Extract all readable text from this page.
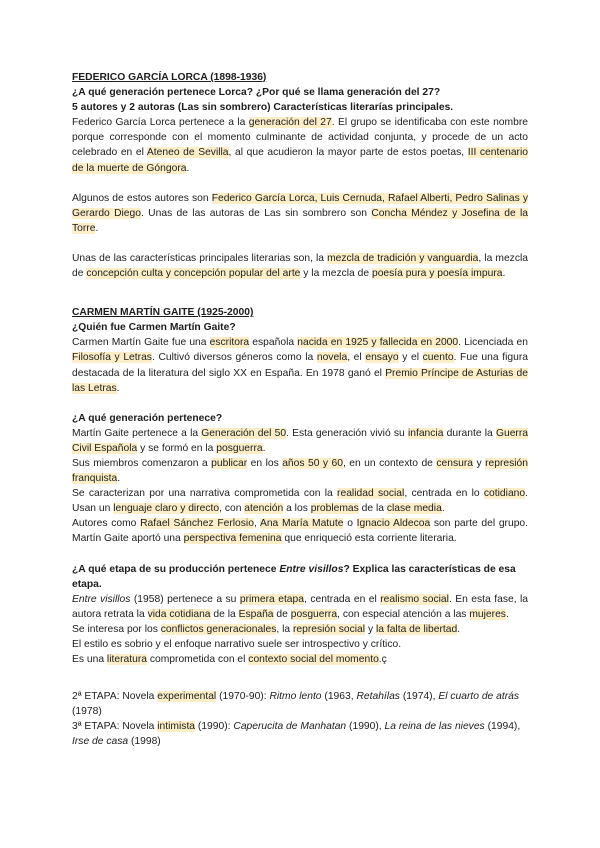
FEDERICO GARCÍA LORCA (1898-1936)

¿A qué generación pertenece Lorca? ¿Por qué se llama generación del 27?

5 autores y 2 autoras (Las sin sombrero) Características literarías principales.

Federico García Lorca pertenece a la generación del 27. El grupo se identificaba con este nombre porque corresponde con el momento culminante de actividad conjunta, y procede de un acto celebrado en el Ateneo de Sevilla, al que acudieron la mayor parte de estos poetas, III centenario de la muerte de Góngora.

Algunos de estos autores son Federico García Lorca, Luis Cernuda, Rafael Alberti, Pedro Salinas y Gerardo Diego. Unas de las autoras de Las sin sombrero son Concha Méndez y Josefina de la Torre.

Unas de las características principales literarias son, la mezcla de tradición y vanguardia, la mezcla de concepción culta y concepción popular del arte y la mezcla de poesía pura y poesía impura.

CARMEN MARTÍN GAITE (1925-2000)

¿Quién fue Carmen Martín Gaite?

Carmen Martín Gaite fue una escritora española nacida en 1925 y fallecida en 2000. Licenciada en Filosofía y Letras. Cultivó diversos géneros como la novela, el ensayo y el cuento. Fue una figura destacada de la literatura del siglo XX en España. En 1978 ganó el Premio Príncipe de Asturias de las Letras.

¿A qué generación pertenece?

Martín Gaite pertenece a la Generación del 50. Esta generación vivió su infancia durante la Guerra Civil Española y se formó en la posguerra.

Sus miembros comenzaron a publicar en los años 50 y 60, en un contexto de censura y represión franquista.

Se caracterizan por una narrativa comprometida con la realidad social, centrada en lo cotidiano. Usan un lenguaje claro y directo, con atención a los problemas de la clase media.

Autores como Rafael Sánchez Ferlosio, Ana María Matute o Ignacio Aldecoa son parte del grupo. Martín Gaite aportó una perspectiva femenina que enriqueció esta corriente literaria.

¿A qué etapa de su producción pertenece Entre visillos? Explica las características de esa etapa.

Entre visillos (1958) pertenece a su primera etapa, centrada en el realismo social. En esta fase, la autora retrata la vida cotidiana de la España de posguerra, con especial atención a las mujeres.

Se interesa por los conflictos generacionales, la represión social y la falta de libertad.

El estilo es sobrio y el enfoque narrativo suele ser introspectivo y crítico.

Es una literatura comprometida con el contexto social del momento.ç

2ª ETAPA: Novela experimental (1970-90): Ritmo lento (1963, Retahílas (1974), El cuarto de atrás (1978)

3ª ETAPA: Novela intimista (1990): Caperucita de Manhatan (1990), La reina de las nieves (1994), Irse de casa (1998)
